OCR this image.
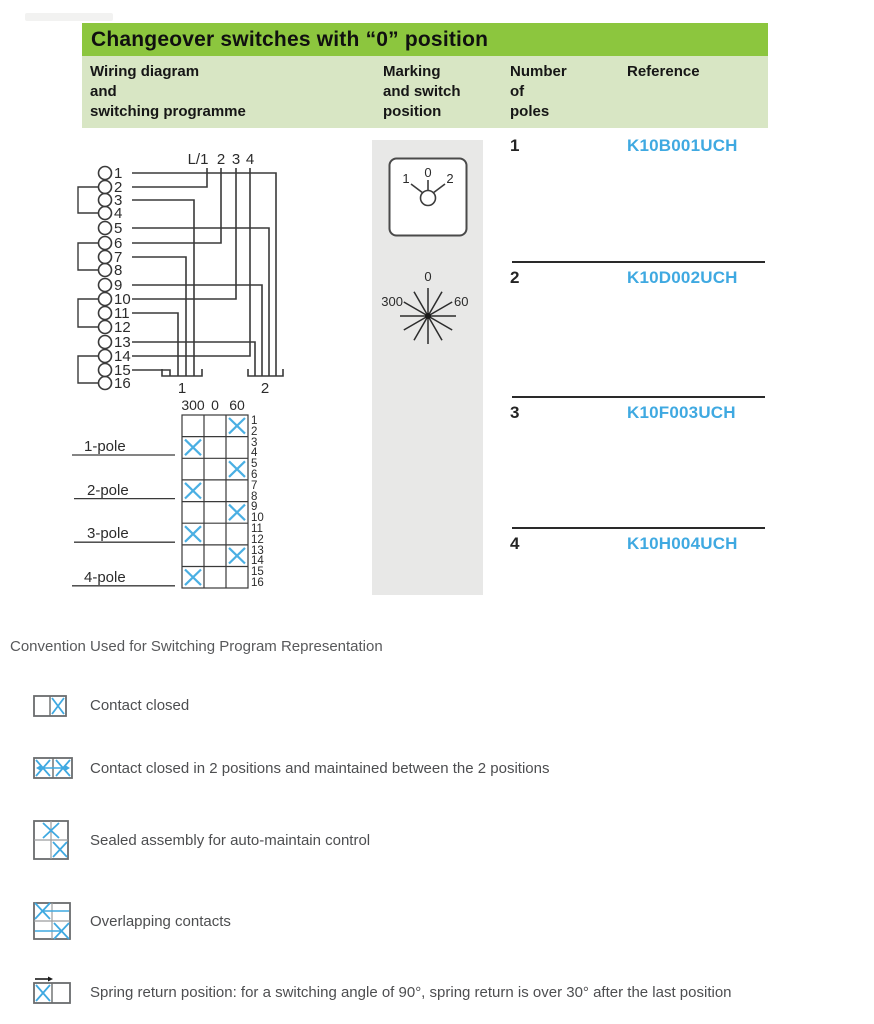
Changeover switches with “0” position
Wiring diagram
and
switching programme
Marking
and switch
position
Number
of
poles
Reference
1
2
3
4
5
6
7
8
9
10
11
12
13
14
15
16
L/1 2 3 4
1	2
300 0 60
1
2
3
4
5
6
7
8
9
10
11
12
13
14
15
16
1-pole
2-pole
3-pole
4-pole
0
1	2
0
300	60
1	K10B001UCH
2	K10D002UCH
3	K10F003UCH
4	K10H004UCH
Convention Used for Switching Program Representation
Contact closed
Contact closed in 2 positions and maintained between the 2 positions
Sealed assembly for auto-maintain control
Overlapping contacts
Spring return position: for a switching angle of 90°, spring return is over 30° after the last position
